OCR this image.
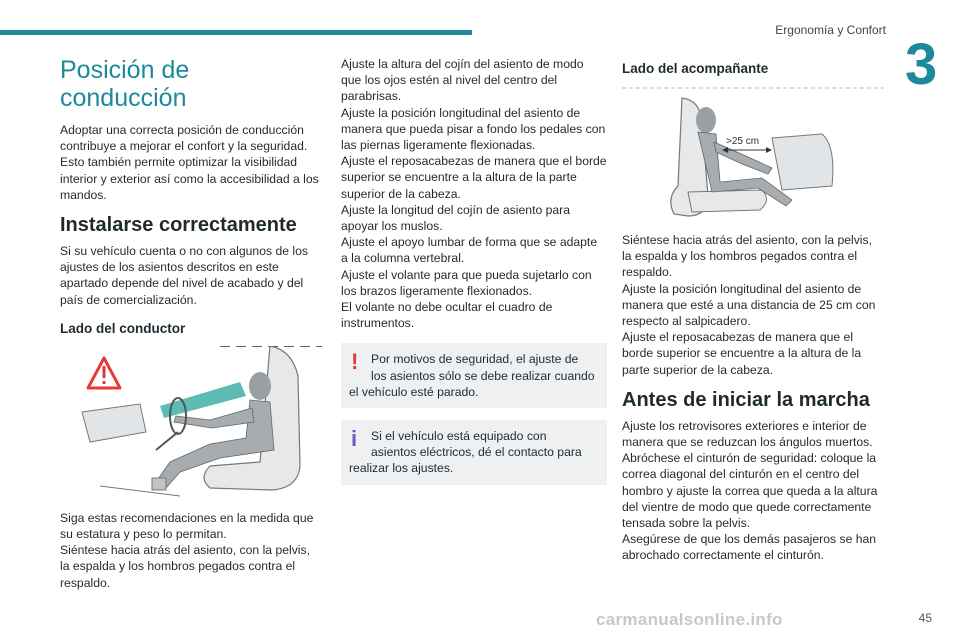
Ergonomía y Confort
3
Posición de conducción

Adoptar una correcta posición de conducción contribuye a mejorar el confort y la seguridad. Esto también permite optimizar la visibilidad interior y exterior así como la accesibilidad a los mandos.

Instalarse correctamente

Si su vehículo cuenta o no con algunos de los ajustes de los asientos descritos en este apartado depende del nivel de acabado y del país de comercialización.

Lado del conductor

Siga estas recomendaciones en la medida que su estatura y peso lo permitan.

Siéntese hacia atrás del asiento, con la pelvis, la espalda y los hombros pegados contra el respaldo.

Ajuste la altura del cojín del asiento de modo que los ojos estén al nivel del centro del parabrisas.

Ajuste la posición longitudinal del asiento de manera que pueda pisar a fondo los pedales con las piernas ligeramente flexionadas.

Ajuste el reposacabezas de manera que el borde superior se encuentre a la altura de la parte superior de la cabeza.

Ajuste la longitud del cojín de asiento para apoyar los muslos.

Ajuste el apoyo lumbar de forma que se adapte a la columna vertebral.

Ajuste el volante para que pueda sujetarlo con los brazos ligeramente flexionados.

El volante no debe ocultar el cuadro de instrumentos.

!	Por motivos de seguridad, el ajuste de

los asientos sólo se debe realizar cuando

el vehículo esté parado.

i	Si el vehículo está equipado con

asientos eléctricos, dé el contacto para

realizar los ajustes.

Lado del acompañante
>25 cm

Siéntese hacia atrás del asiento, con la pelvis, la espalda y los hombros pegados contra el respaldo.

Ajuste la posición longitudinal del asiento de manera que esté a una distancia de 25 cm con respecto al salpicadero.

Ajuste el reposacabezas de manera que el borde superior se encuentre a la altura de la parte superior de la cabeza.

Antes de iniciar la marcha

Ajuste los retrovisores exteriores e interior de manera que se reduzcan los ángulos muertos.

Abróchese el cinturón de seguridad: coloque la correa diagonal del cinturón en el centro del hombro y ajuste la correa que queda a la altura del vientre de modo que quede correctamente tensada sobre la pelvis.

Asegúrese de que los demás pasajeros se han abrochado correctamente el cinturón.

carmanualsonline.info	45
